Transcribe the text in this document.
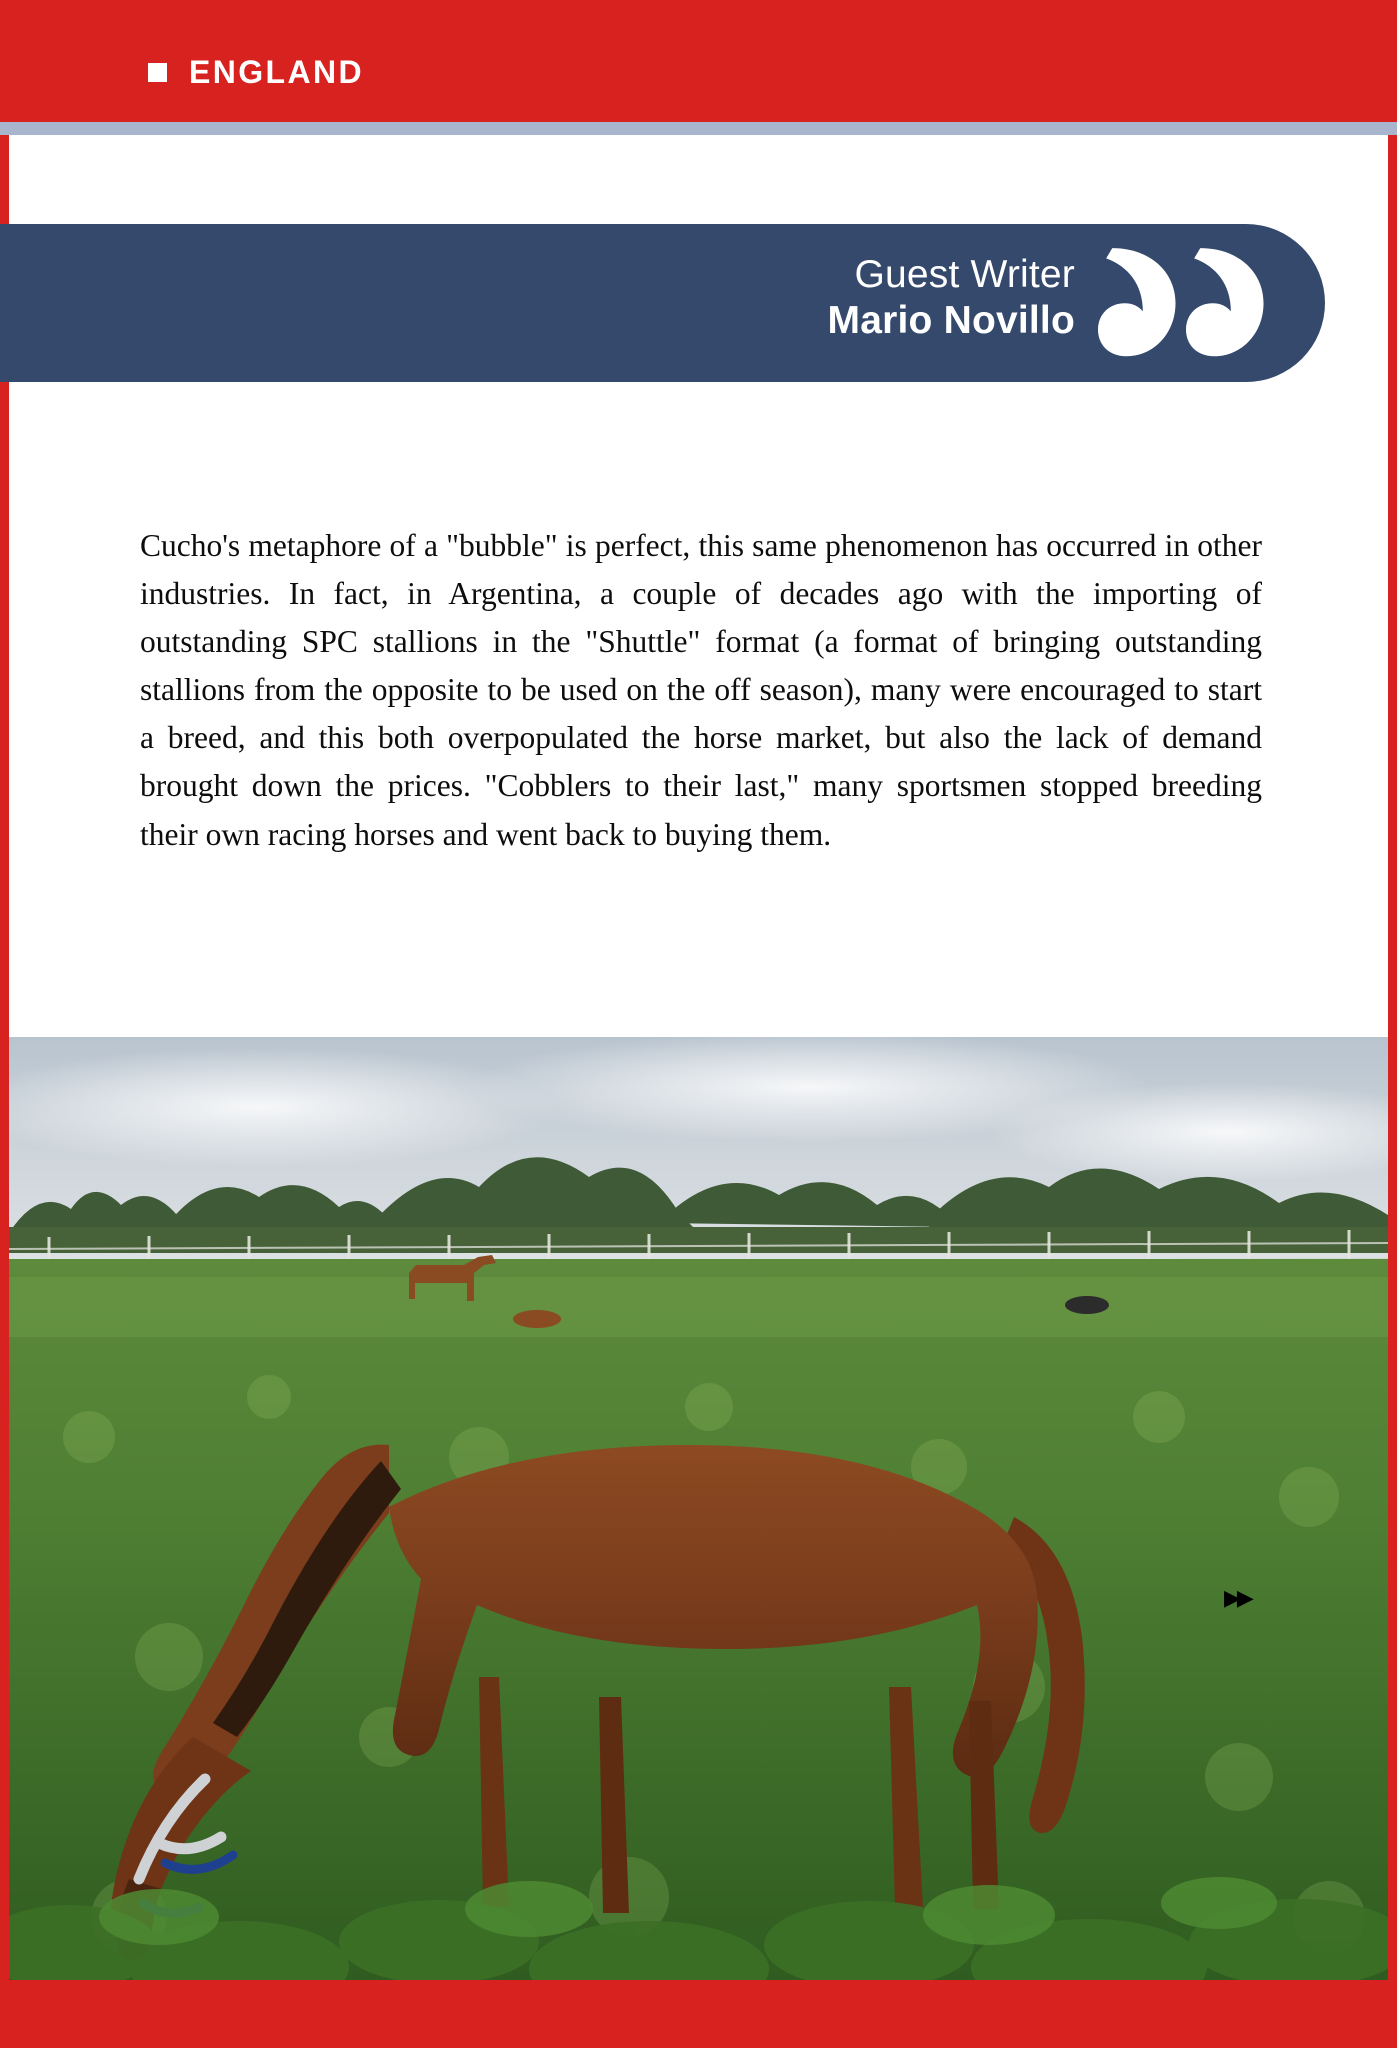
ENGLAND
Guest Writer
Mario Novillo

Cucho's metaphore of a "bubble" is perfect, this same phenomenon has occurred in other industries. In fact, in Argentina, a couple of decades ago with the importing of outstanding SPC stallions in the "Shuttle" format (a format of bringing outstanding stallions from the opposite to be used on the off season), many were encouraged to start a breed, and this both overpopulated the horse market, but also the lack of demand brought down the prices. "Cobblers to their last," many sportsmen stopped breeding their own racing horses and went back to buying them.

▶▶
